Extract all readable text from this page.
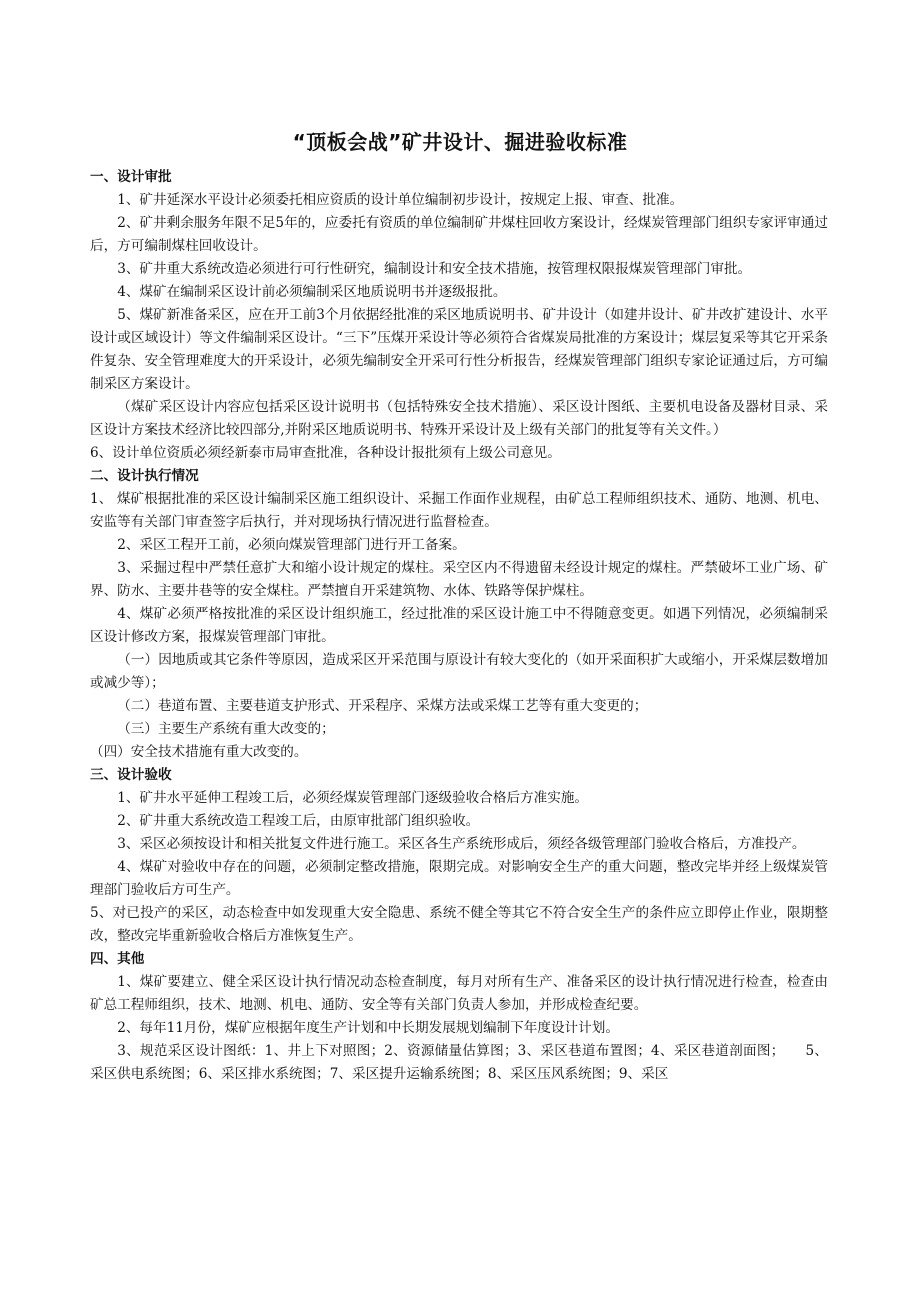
“顶板会战”矿井设计、掘进验收标准
一、设计审批
1、矿井延深水平设计必须委托相应资质的设计单位编制初步设计，按规定上报、审查、批准。
2、矿井剩余服务年限不足5年的，应委托有资质的单位编制矿井煤柱回收方案设计，经煤炭管理部门组织专家评审通过后，方可编制煤柱回收设计。
3、矿井重大系统改造必须进行可行性研究，编制设计和安全技术措施，按管理权限报煤炭管理部门审批。
4、煤矿在编制采区设计前必须编制采区地质说明书并逐级报批。
5、煤矿新准备采区，应在开工前3个月依据经批准的采区地质说明书、矿井设计（如建井设计、矿井改扩建设计、水平设计或区域设计）等文件编制采区设计。“三下”压煤开采设计等必须符合省煤炭局批准的方案设计；煤层复采等其它开采条件复杂、安全管理难度大的开采设计，必须先编制安全开采可行性分析报告，经煤炭管理部门组织专家论证通过后，方可编制采区方案设计。
（煤矿采区设计内容应包括采区设计说明书（包括特殊安全技术措施）、采区设计图纸、主要机电设备及器材目录、采区设计方案技术经济比较四部分,并附采区地质说明书、特殊开采设计及上级有关部门的批复等有关文件。）
6、设计单位资质必须经新泰市局审查批准，各种设计报批须有上级公司意见。
二、设计执行情况
1、 煤矿根据批准的采区设计编制采区施工组织设计、采掘工作面作业规程，由矿总工程师组织技术、通防、地测、机电、安监等有关部门审查签字后执行，并对现场执行情况进行监督检查。
2、采区工程开工前，必须向煤炭管理部门进行开工备案。
3、采掘过程中严禁任意扩大和缩小设计规定的煤柱。采空区内不得遗留未经设计规定的煤柱。严禁破坏工业广场、矿界、防水、主要井巷等的安全煤柱。严禁擅自开采建筑物、水体、铁路等保护煤柱。
4、煤矿必须严格按批准的采区设计组织施工，经过批准的采区设计施工中不得随意变更。如遇下列情况，必须编制采区设计修改方案，报煤炭管理部门审批。
（一）因地质或其它条件等原因，造成采区开采范围与原设计有较大变化的（如开采面积扩大或缩小，开采煤层数增加或减少等）；
（二）巷道布置、主要巷道支护形式、开采程序、采煤方法或采煤工艺等有重大变更的；
（三）主要生产系统有重大改变的；
（四）安全技术措施有重大改变的。
三、设计验收
1、矿井水平延伸工程竣工后，必须经煤炭管理部门逐级验收合格后方准实施。
2、矿井重大系统改造工程竣工后，由原审批部门组织验收。
3、采区必须按设计和相关批复文件进行施工。采区各生产系统形成后，须经各级管理部门验收合格后，方准投产。
4、煤矿对验收中存在的问题，必须制定整改措施，限期完成。对影响安全生产的重大问题，整改完毕并经上级煤炭管理部门验收后方可生产。
5、对已投产的采区，动态检查中如发现重大安全隐患、系统不健全等其它不符合安全生产的条件应立即停止作业，限期整改，整改完毕重新验收合格后方准恢复生产。
四、其他
1、煤矿要建立、健全采区设计执行情况动态检查制度，每月对所有生产、准备采区的设计执行情况进行检查，检查由矿总工程师组织，技术、地测、机电、通防、安全等有关部门负责人参加，并形成检查纪要。
2、每年11月份，煤矿应根据年度生产计划和中长期发展规划编制下年度设计计划。
3、规范采区设计图纸：1、井上下对照图；2、资源储量估算图；3、采区巷道布置图；4、采区巷道剖面图；　　5、采区供电系统图；6、采区排水系统图；7、采区提升运输系统图；8、采区压风系统图；9、采区
